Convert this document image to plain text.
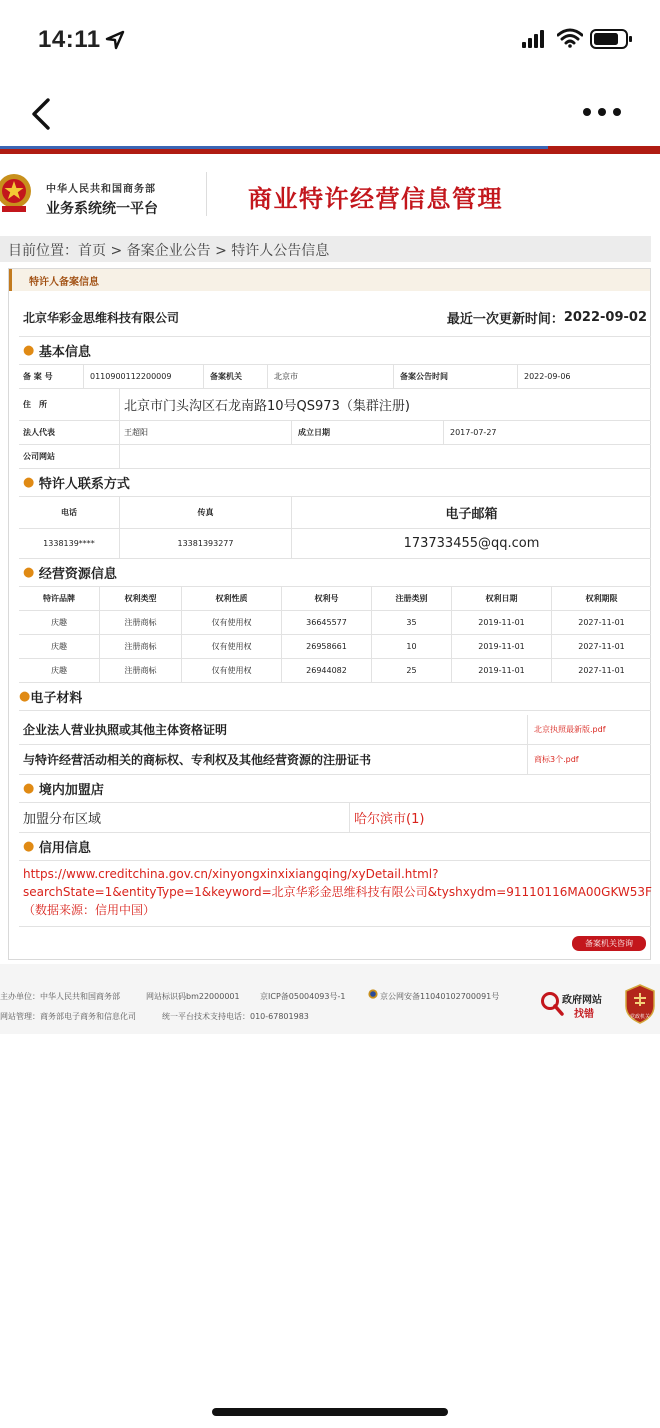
14:11
中华人民共和国商务部
业务系统统一平台	商业特许经营信息管理
目前位置：首页 > 备案企业公告 > 特许人公告信息
特许人备案信息
北京华彩金思维科技有限公司	最近一次更新时间： 2022-09-02
●
基本信息
备 案 号	0110900112200009	备案机关	北京市	备案公告时间	2022-09-06
住　所	北京市门头沟区石龙南路10号QS973（集群注册)
法人代表	王超阳	成立日期	2017-07-27
公司网站
●
特许人联系方式
电话	传真	电子邮箱
1338139****	13381393277	173733455@qq.com
●
经营资源信息
特许品牌	权利类型	权利性质	权利号	注册类别	权利日期	权利期限
庆趣	注册商标	仅有使用权	36645577	35	2019-11-01	2027-11-01
庆趣	注册商标	仅有使用权	26958661	10	2019-11-01	2027-11-01
庆趣	注册商标	仅有使用权	26944082	25	2019-11-01	2027-11-01
● 电子材料
企业法人营业执照或其他主体资格证明	北京执照最新版.pdf
与特许经营活动相关的商标权、专利权及其他经营资源的注册证书	商标3个.pdf
●
境内加盟店
加盟分布区域	哈尔滨市(1)
●
信用信息
https://www.creditchina.gov.cn/xinyongxinxixiangqing/xyDetail.html?
searchState=1&entityType=1&keyword=北京华彩金思维科技有限公司&tyshxydm=91110116MA00GKW53F
（数据来源：信用中国）
备案机关咨询
主办单位：中华人民共和国商务部	网站标识码bm22000001	京ICP备05004093号-1	京公网安备11040102700091号
网站管理：商务部电子商务和信息化司	统一平台技术支持电话：010-67801983
政府网站
找错	党政机关
